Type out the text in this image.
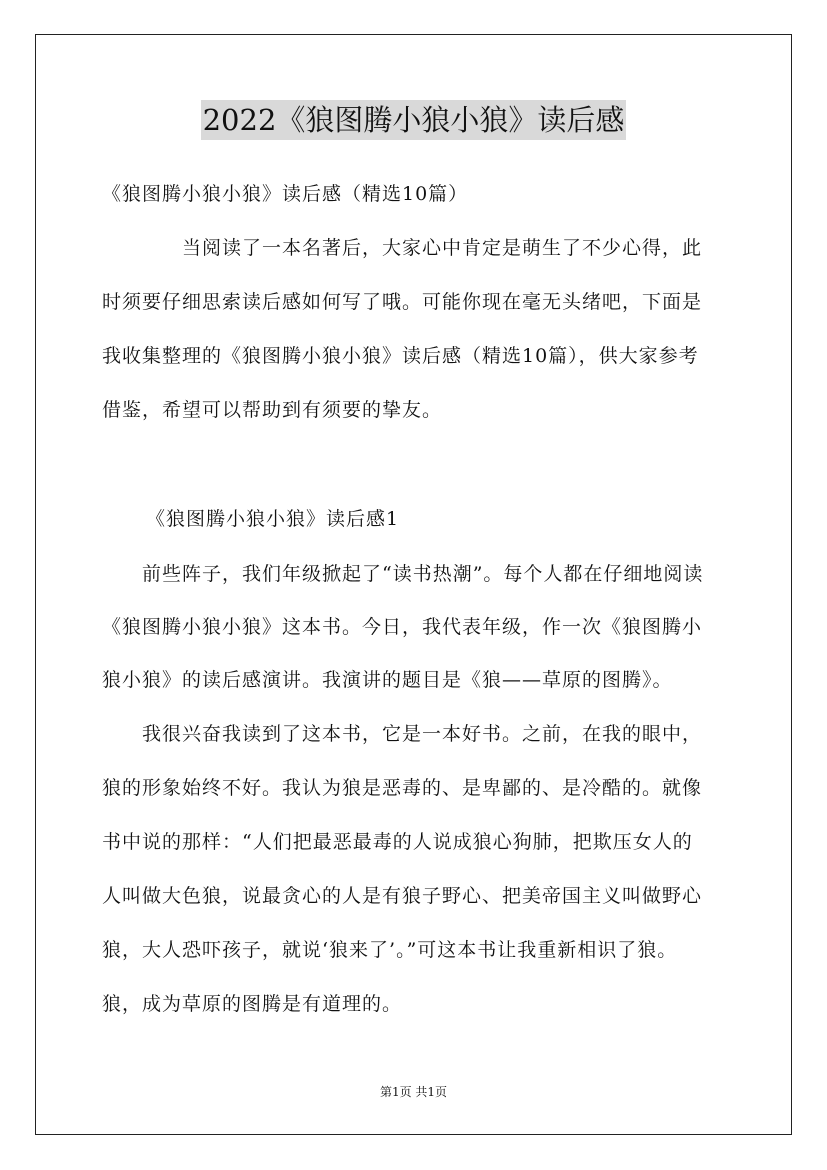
2022《狼图腾小狼小狼》读后感
《狼图腾小狼小狼》读后感（精选10篇）
当阅读了一本名著后，大家心中肯定是萌生了不少心得，此
时须要仔细思索读后感如何写了哦。可能你现在毫无头绪吧，下面是
我收集整理的《狼图腾小狼小狼》读后感（精选10篇），供大家参考
借鉴，希望可以帮助到有须要的挚友。
《狼图腾小狼小狼》读后感1
前些阵子，我们年级掀起了“读书热潮”。每个人都在仔细地阅读
《狼图腾小狼小狼》这本书。今日，我代表年级，作一次《狼图腾小
狼小狼》的读后感演讲。我演讲的题目是《狼——草原的图腾》。
我很兴奋我读到了这本书，它是一本好书。之前，在我的眼中，
狼的形象始终不好。我认为狼是恶毒的、是卑鄙的、是冷酷的。就像
书中说的那样：“人们把最恶最毒的人说成狼心狗肺，把欺压女人的
人叫做大色狼，说最贪心的人是有狼子野心、把美帝国主义叫做野心
狼，大人恐吓孩子，就说‘狼来了’。”可这本书让我重新相识了狼。
狼，成为草原的图腾是有道理的。
第1页 共1页
